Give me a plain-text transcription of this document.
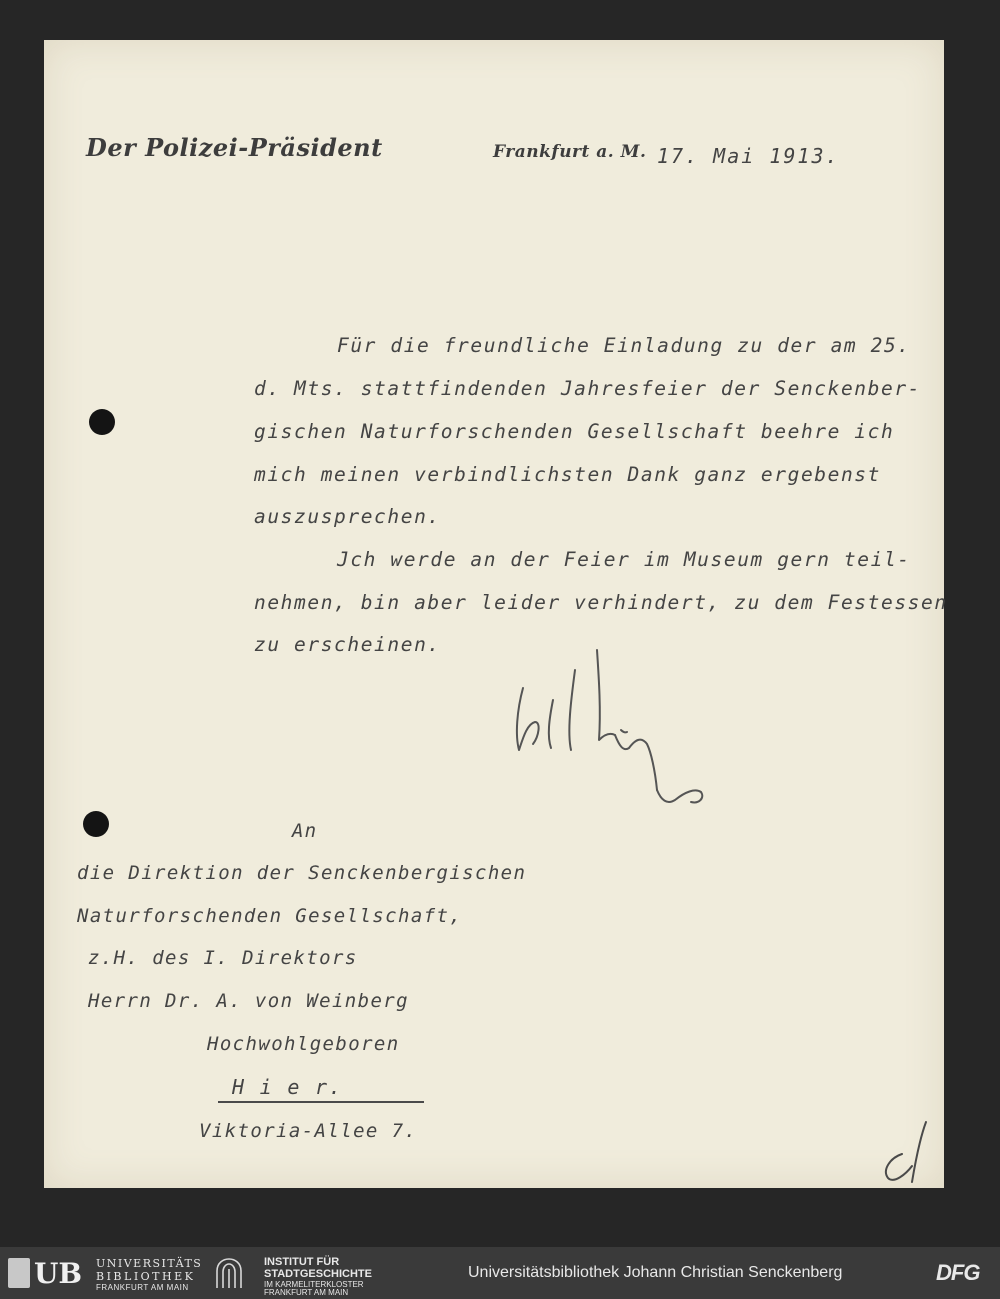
Der Polizei-Präsident	Frankfurt a. M. 17. Mai 1913.
Für die freundliche Einladung zu der am 25.
d. Mts. stattfindenden Jahresfeier der Senckenber-
gischen Naturforschenden Gesellschaft beehre ich
mich meinen verbindlichsten Dank ganz ergebenst
auszusprechen.
Jch werde an der Feier im Museum gern teil-
nehmen, bin aber leider verhindert, zu dem Festessen
zu erscheinen.
An
die Direktion der Senckenbergischen
Naturforschenden Gesellschaft,
z.H. des I. Direktors
Herrn Dr. A. von Weinberg
Hochwohlgeboren
H i e r.
Viktoria-Allee 7.
UB UNIVERSITÄTS
BIBLIOTHEK
FRANKFURT AM MAIN
INSTITUT FÜR
STADTGESCHICHTE
IM KARMELITERKLOSTER
FRANKFURT AM MAIN
Universitätsbibliothek Johann Christian Senckenberg	DFG
